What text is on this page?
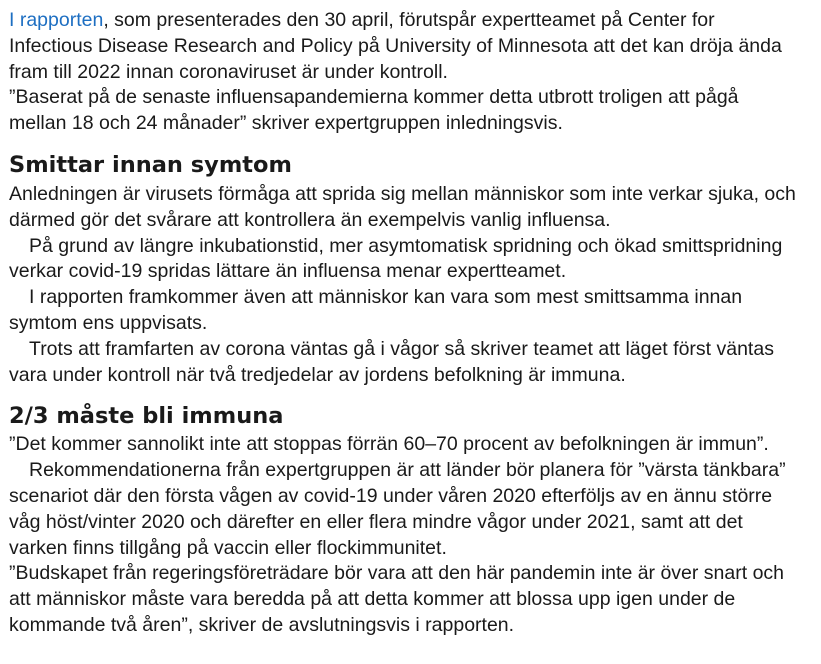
I rapporten, som presenterades den 30 april, förutspår expertteamet på Center for
Infectious Disease Research and Policy på University of Minnesota att det kan dröja ända
fram till 2022 innan coronaviruset är under kontroll.
”Baserat på de senaste influensapandemierna kommer detta utbrott troligen att pågå
mellan 18 och 24 månader” skriver expertgruppen inledningsvis.

Smittar innan symtom

Anledningen är virusets förmåga att sprida sig mellan människor som inte verkar sjuka, och
därmed gör det svårare att kontrollera än exempelvis vanlig influensa.

På grund av längre inkubationstid, mer asymtomatisk spridning och ökad smittspridning
verkar covid-19 spridas lättare än influensa menar expertteamet.

I rapporten framkommer även att människor kan vara som mest smittsamma innan
symtom ens uppvisats.

Trots att framfarten av corona väntas gå i vågor så skriver teamet att läget först väntas
vara under kontroll när två tredjedelar av jordens befolkning är immuna.

2/3 måste bli immuna

”Det kommer sannolikt inte att stoppas förrän 60–70 procent av befolkningen är immun”.

Rekommendationerna från expertgruppen är att länder bör planera för ”värsta tänkbara”
scenariot där den första vågen av covid-19 under våren 2020 efterföljs av en ännu större
våg höst/vinter 2020 och därefter en eller flera mindre vågor under 2021, samt att det
varken finns tillgång på vaccin eller flockimmunitet.

”Budskapet från regeringsföreträdare bör vara att den här pandemin inte är över snart och
att människor måste vara beredda på att detta kommer att blossa upp igen under de
kommande två åren”, skriver de avslutningsvis i rapporten.
